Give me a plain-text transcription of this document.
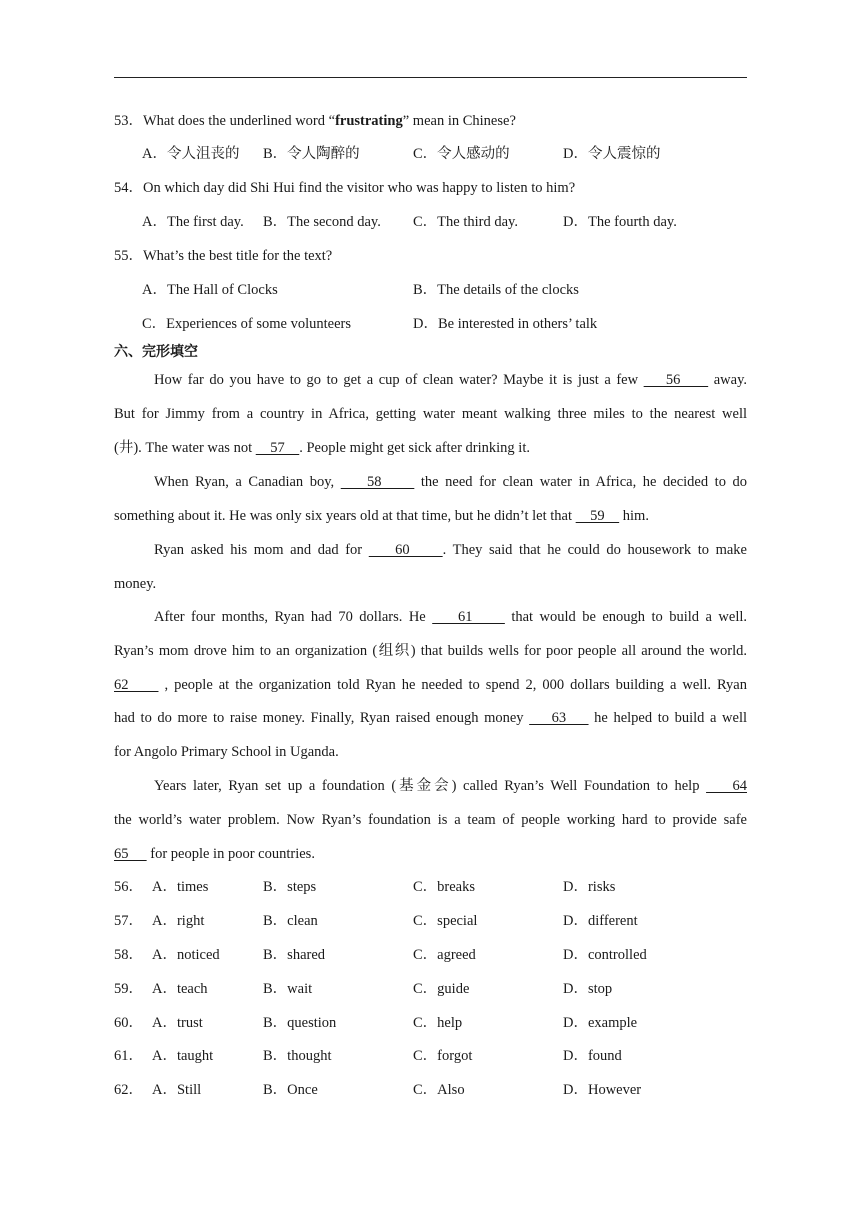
53．What does the underlined word “frustrating” mean in Chinese?
A．令人沮丧的 B．令人陶醉的	C．令人感动的	D．令人震惊的
54．On which day did Shi Hui find the visitor who was happy to listen to him?
A．The first day. B．The second day. C．The third day.	D．The fourth day.
55．What’s the best title for the text?
A．The Hall of Clocks	B．The details of the clocks
C．Experiences of some volunteers	D．Be interested in others’ talk
六、完形填空
How far do you have to go to get a cup of clean water? Maybe it is just a few     56      away.
But for Jimmy from a country in Africa, getting water meant walking three miles to the nearest well
(井). The water was not     57    . People might get sick after drinking it.
When Ryan, a Canadian boy,     58      the need for clean water in Africa, he decided to do
something about it. He was only six years old at that time, but he didn’t let that     59     him.
Ryan asked his mom and dad for     60     . They said that he could do housework to make
money.
After four months, Ryan had 70 dollars. He     61      that would be enough to build a well.
Ryan’s mom drove him to an organization (组织) that builds wells for poor people all around the world.
62      , people at the organization told Ryan he needed to spend 2, 000 dollars building a well. Ryan
had to do more to raise money. Finally, Ryan raised enough money     63     he helped to build a well
for Angolo Primary School in Uganda.
Years later, Ryan set up a foundation (基金会) called Ryan’s Well Foundation to help     64
the world’s water problem. Now Ryan’s foundation is a team of people working hard to provide safe
65      for people in poor countries.
56． A．times	B．steps	C．breaks	D．risks
57． A．right	B．clean	C．special	D．different
58． A．noticed	B．shared	C．agreed	D．controlled
59． A．teach	B．wait	C．guide	D．stop
60． A．trust	B．question	C．help	D．example
61． A．taught	B．thought	C．forgot	D．found
62． A．Still	B．Once	C．Also	D．However
